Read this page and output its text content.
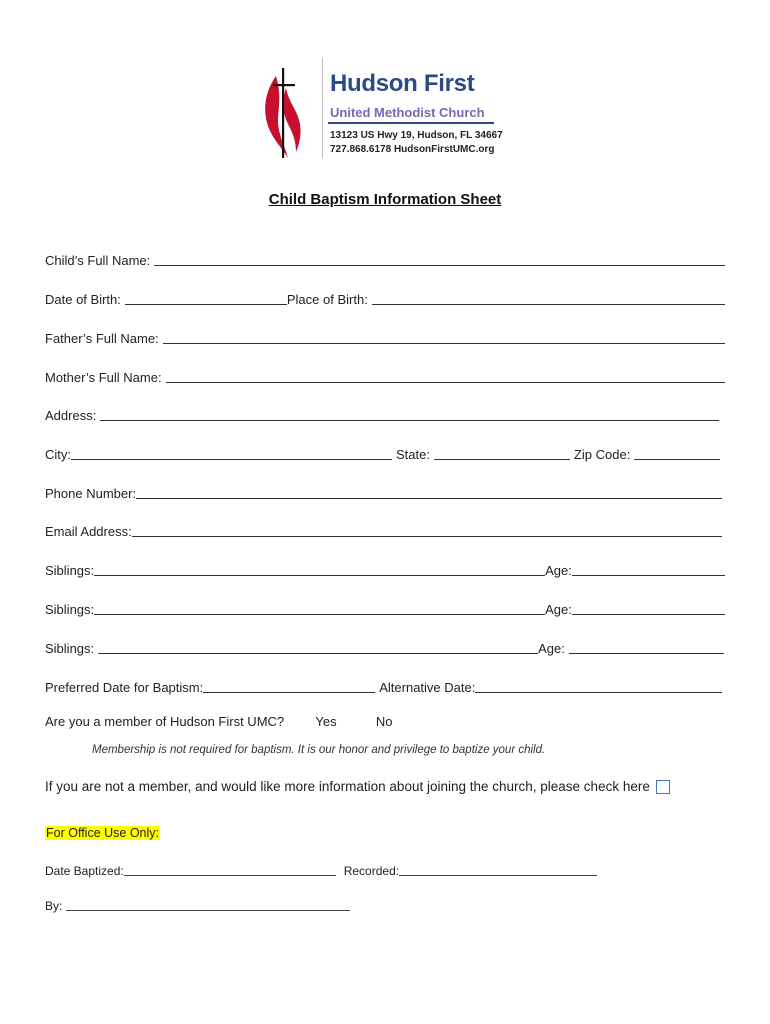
Hudson First
United Methodist Church
13123 US Hwy 19, Hudson, FL 34667
727.868.6178 HudsonFirstUMC.org
Child Baptism Information Sheet
Child’s Full Name:
Date of Birth:	Place of Birth:
Father’s Full Name:
Mother’s Full Name:
Address:
City:	State:	Zip Code:
Phone Number:
Email Address:
Siblings:	Age:
Siblings:	Age:
Siblings:	Age:
Preferred Date for Baptism:	Alternative Date:
Are you a member of Hudson First UMC? Yes	No
Membership is not required for baptism. It is our honor and privilege to baptize your child.
If you are not a member, and would like more information about joining the church, please check here
For Office Use Only:
Date Baptized:	Recorded:
By:
